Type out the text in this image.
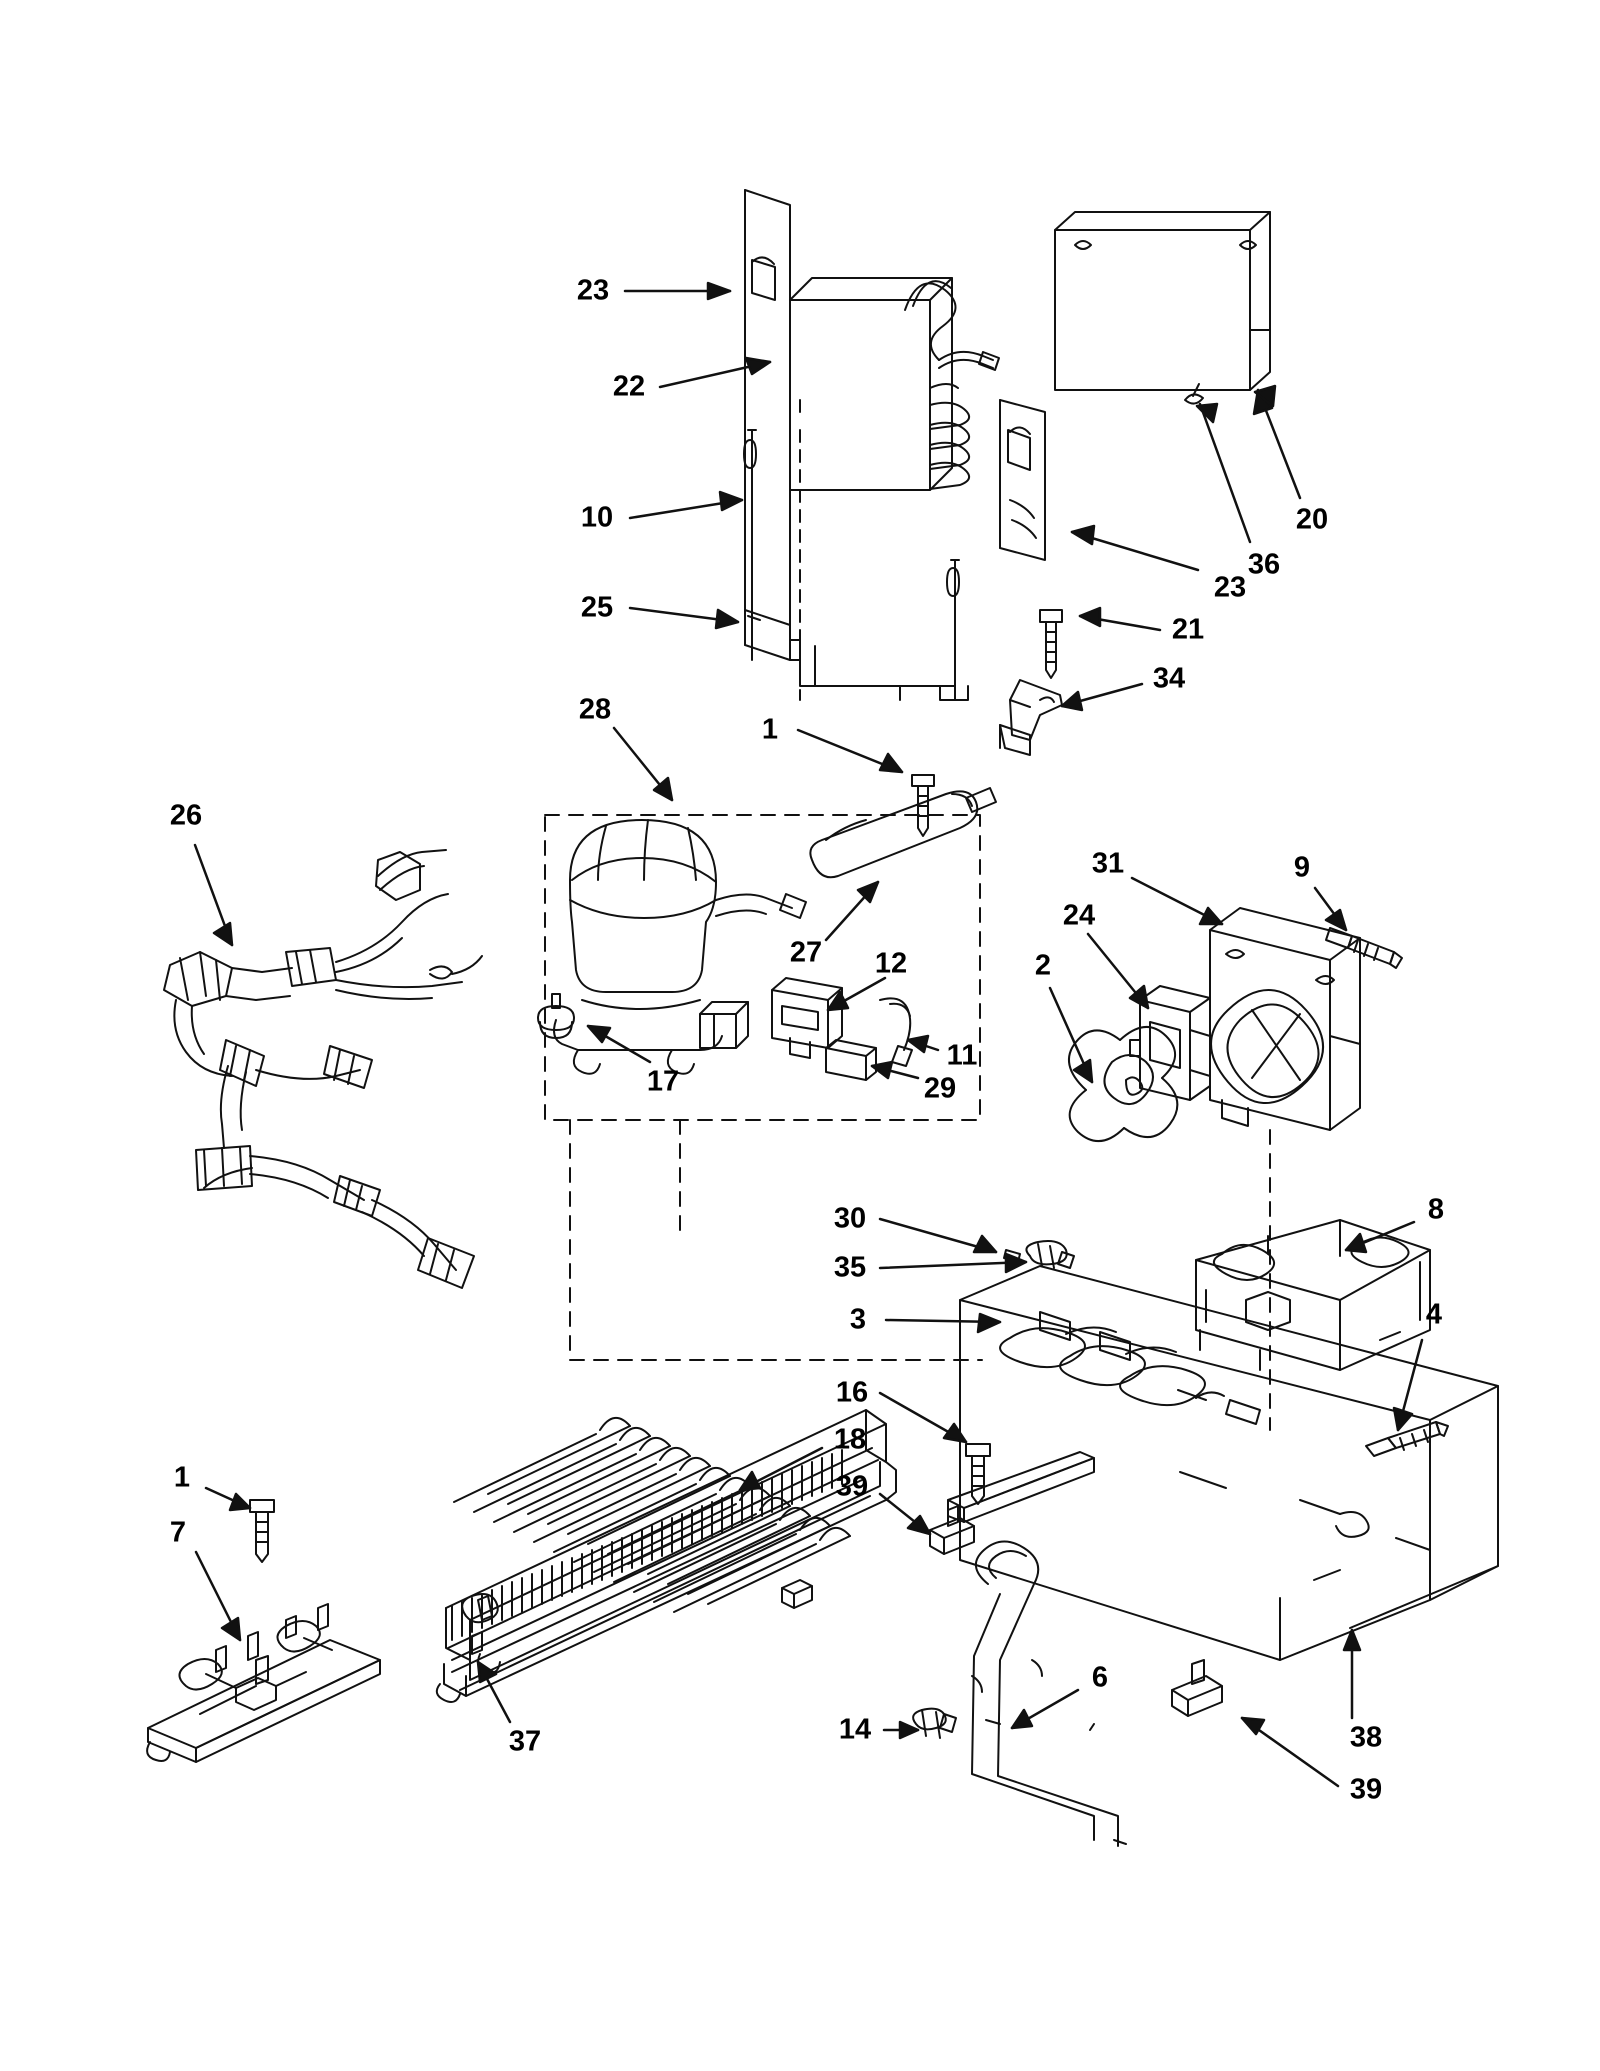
23
22
10
25
28
1
20
36
23
21
34
26
27 12
11
17	29
31	9
24
2
8
30
35
3	4
16
18
39
1
7
37	14
6
38
39
